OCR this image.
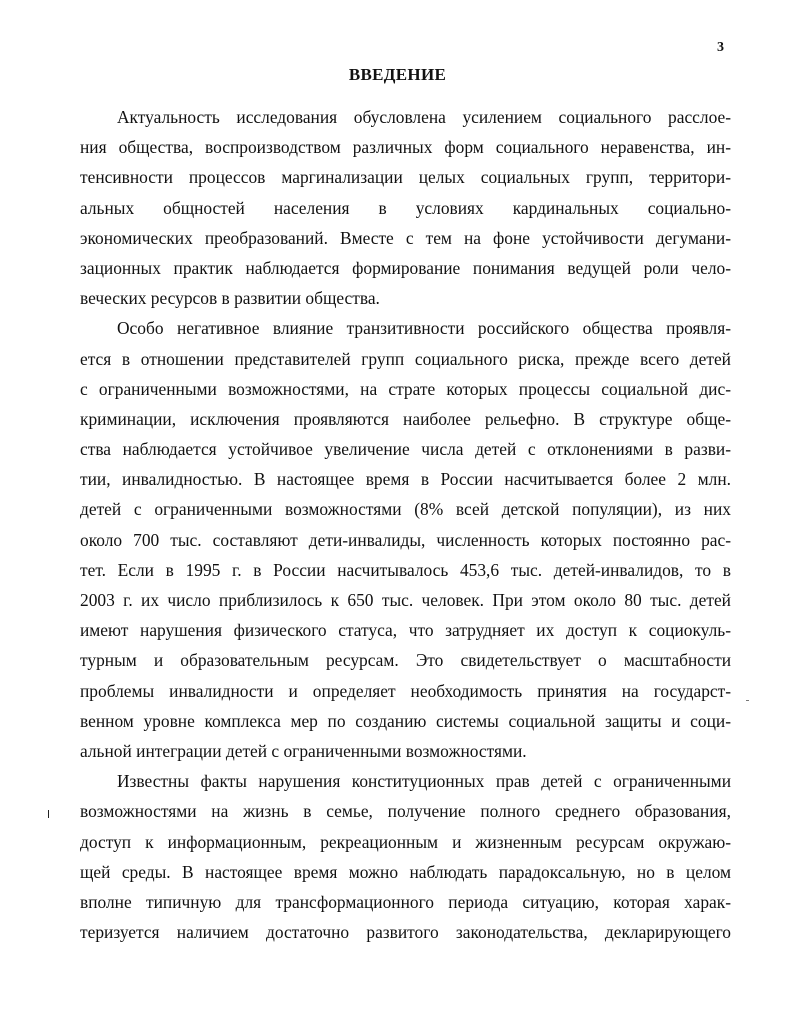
3
ВВЕДЕНИЕ
Актуальность исследования обусловлена усилением социального расслое-
ния общества, воспроизводством различных форм социального неравенства, ин-
тенсивности процессов маргинализации целых социальных групп, территори-
альных общностей населения в условиях кардинальных социально-
экономических преобразований. Вместе с тем на фоне устойчивости дегумани-
зационных практик наблюдается формирование понимания ведущей роли чело-
веческих ресурсов в развитии общества.
Особо негативное влияние транзитивности российского общества проявля-
ется в отношении представителей групп социального риска, прежде всего детей
с ограниченными возможностями, на страте которых процессы социальной дис-
криминации, исключения проявляются наиболее рельефно. В структуре обще-
ства наблюдается устойчивое увеличение числа детей с отклонениями в разви-
тии, инвалидностью. В настоящее время в России насчитывается более 2 млн.
детей с ограниченными возможностями (8% всей детской популяции), из них
около 700 тыс. составляют дети-инвалиды, численность которых постоянно рас-
тет. Если в 1995 г. в России насчитывалось 453,6 тыс. детей-инвалидов, то в
2003 г. их число приблизилось к 650 тыс. человек. При этом около 80 тыс. детей
имеют нарушения физического статуса, что затрудняет их доступ к социокуль-
турным и образовательным ресурсам. Это свидетельствует о масштабности
проблемы инвалидности и определяет необходимость принятия на государст-
венном уровне комплекса мер по созданию системы социальной защиты и соци-
альной интеграции детей с ограниченными возможностями.
Известны факты нарушения конституционных прав детей с ограниченными
возможностями на жизнь в семье, получение полного среднего образования,
доступ к информационным, рекреационным и жизненным ресурсам окружаю-
щей среды. В настоящее время можно наблюдать парадоксальную, но в целом
вполне типичную для трансформационного периода ситуацию, которая харак-
теризуется наличием достаточно развитого законодательства, декларирующего
